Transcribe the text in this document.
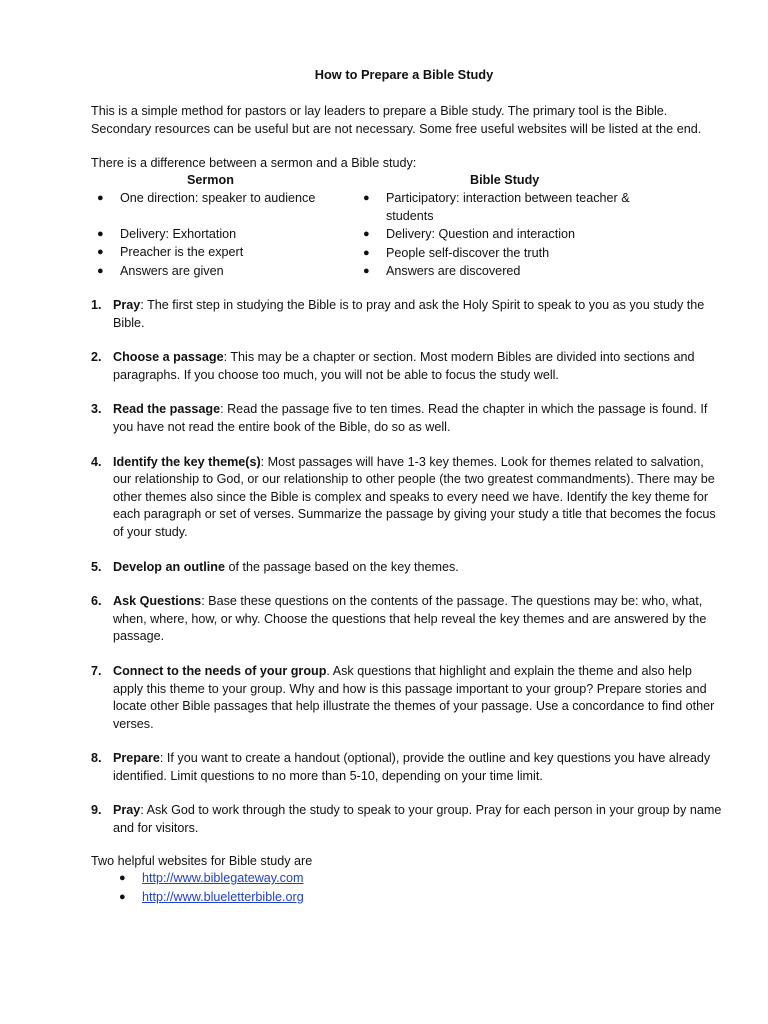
How to Prepare a Bible Study

This is a simple method for pastors or lay leaders to prepare a Bible study. The primary tool is the Bible. Secondary resources can be useful but are not necessary. Some free useful websites will be listed at the end.

There is a difference between a sermon and a Bible study:
Sermon	Bible Study
● One direction: speaker to audience
● Delivery: Exhortation
● Preacher is the expert
● Answers are given
● Participatory: interaction between teacher & students
● Delivery: Question and interaction
● People self-discover the truth
● Answers are discovered
1. Pray: The first step in studying the Bible is to pray and ask the Holy Spirit to speak to you as you study the Bible.
2. Choose a passage: This may be a chapter or section. Most modern Bibles are divided into sections and paragraphs. If you choose too much, you will not be able to focus the study well.
3. Read the passage: Read the passage five to ten times. Read the chapter in which the passage is found. If you have not read the entire book of the Bible, do so as well.
4. Identify the key theme(s): Most passages will have 1-3 key themes. Look for themes related to salvation, our relationship to God, or our relationship to other people (the two greatest commandments). There may be other themes also since the Bible is complex and speaks to every need we have. Identify the key theme for each paragraph or set of verses. Summarize the passage by giving your study a title that becomes the focus of your study.
5. Develop an outline of the passage based on the key themes.
6. Ask Questions: Base these questions on the contents of the passage. The questions may be: who, what, when, where, how, or why. Choose the questions that help reveal the key themes and are answered by the passage.
7. Connect to the needs of your group. Ask questions that highlight and explain the theme and also help apply this theme to your group. Why and how is this passage important to your group? Prepare stories and locate other Bible passages that help illustrate the themes of your passage. Use a concordance to find other verses.
8. Prepare: If you want to create a handout (optional), provide the outline and key questions you have already identified. Limit questions to no more than 5-10, depending on your time limit.
9. Pray: Ask God to work through the study to speak to your group. Pray for each person in your group by name and for visitors.
Two helpful websites for Bible study are
● http://www.biblegateway.com
● http://www.blueletterbible.org
